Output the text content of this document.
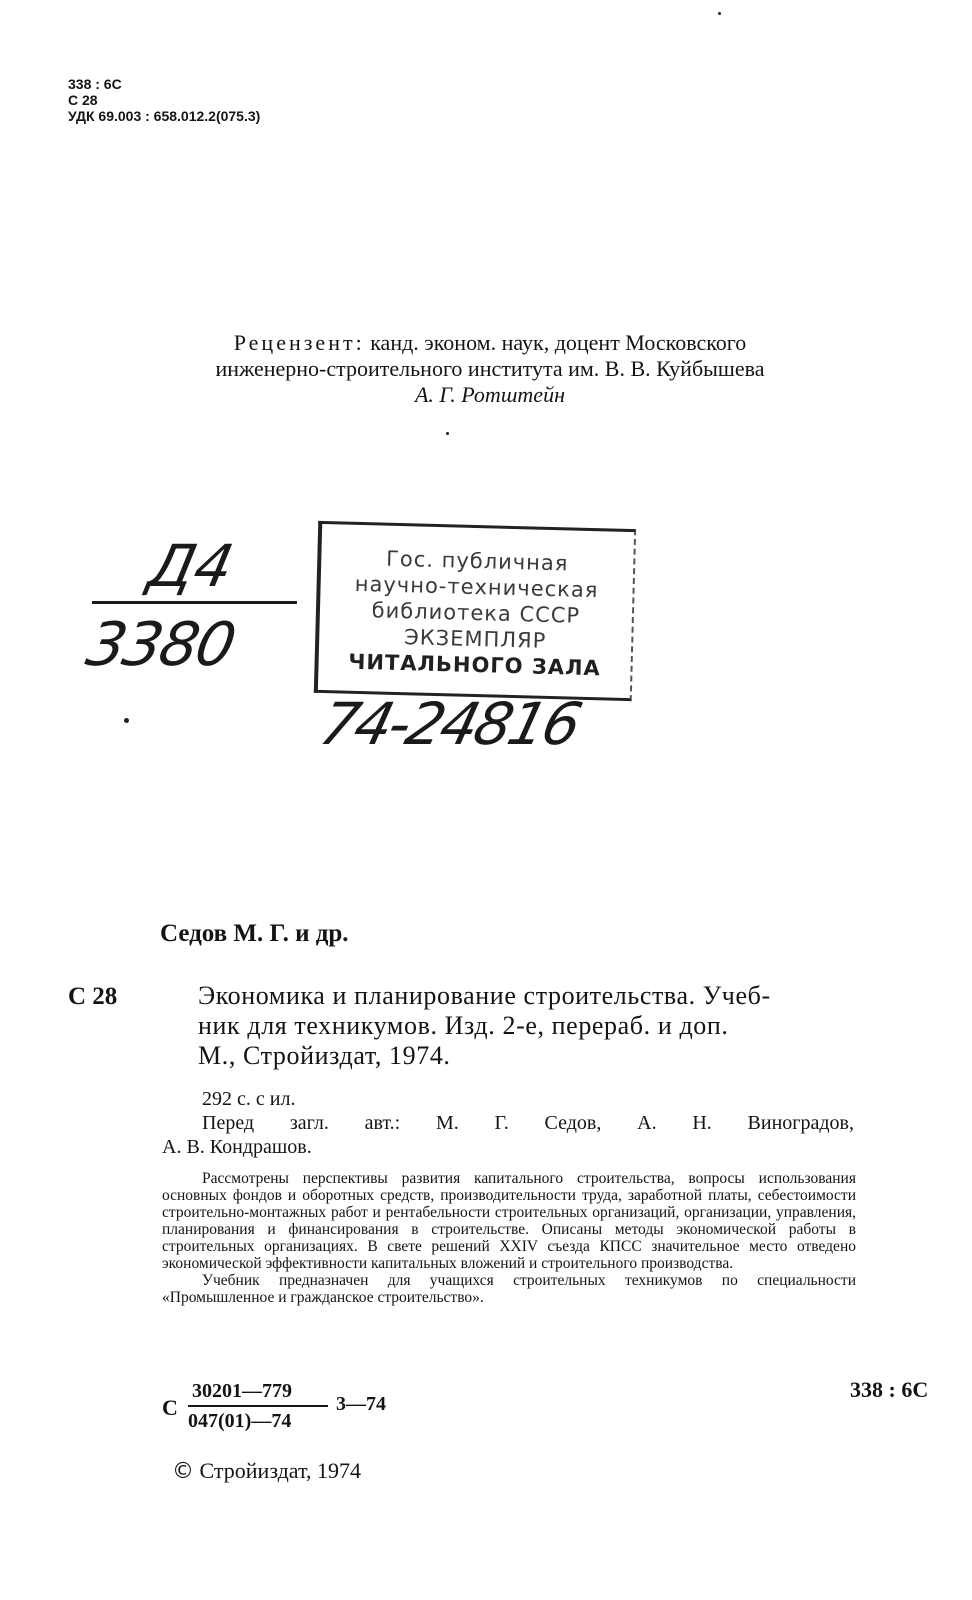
338 : 6С
С 28
УДК 69.003 : 658.012.2(075.3)
Рецензент: канд. эконом. наук, доцент Московского
инженерно-строительного института им. В. В. Куйбышева
А. Г. Ротштейн
Д4
3380
Гос. публичная
научно-техническая
библиотека СССР
ЭКЗЕМПЛЯР
ЧИТАЛЬНОГО ЗАЛА
74-24816
Седов М. Г. и др.
С 28	Экономика и планирование строительства. Учеб-
ник для техникумов. Изд. 2-е, перераб. и доп.
М., Стройиздат, 1974.
292 с. с ил.
Перед загл. авт.: М. Г. Седов, А. Н. Виноградов,
А. В. Кондрашов.
Рассмотрены перспективы развития капитального строительства, вопросы использования основных фондов и оборотных средств, производительности труда, заработной платы, себестоимости строительно-монтажных работ и рентабельности строительных организаций, организации, управления, планирования и финансирования в строительстве. Описаны методы экономической работы в строительных организациях. В свете решений XXIV съезда КПСС значительное место отведено экономической эффективности капитальных вложений и строительного производства.
Учебник предназначен для учащихся строительных техникумов по специальности «Промышленное и гражданское строительство».
С
30201—779
047(01)—74
3—74
338 : 6С
© Стройиздат, 1974
